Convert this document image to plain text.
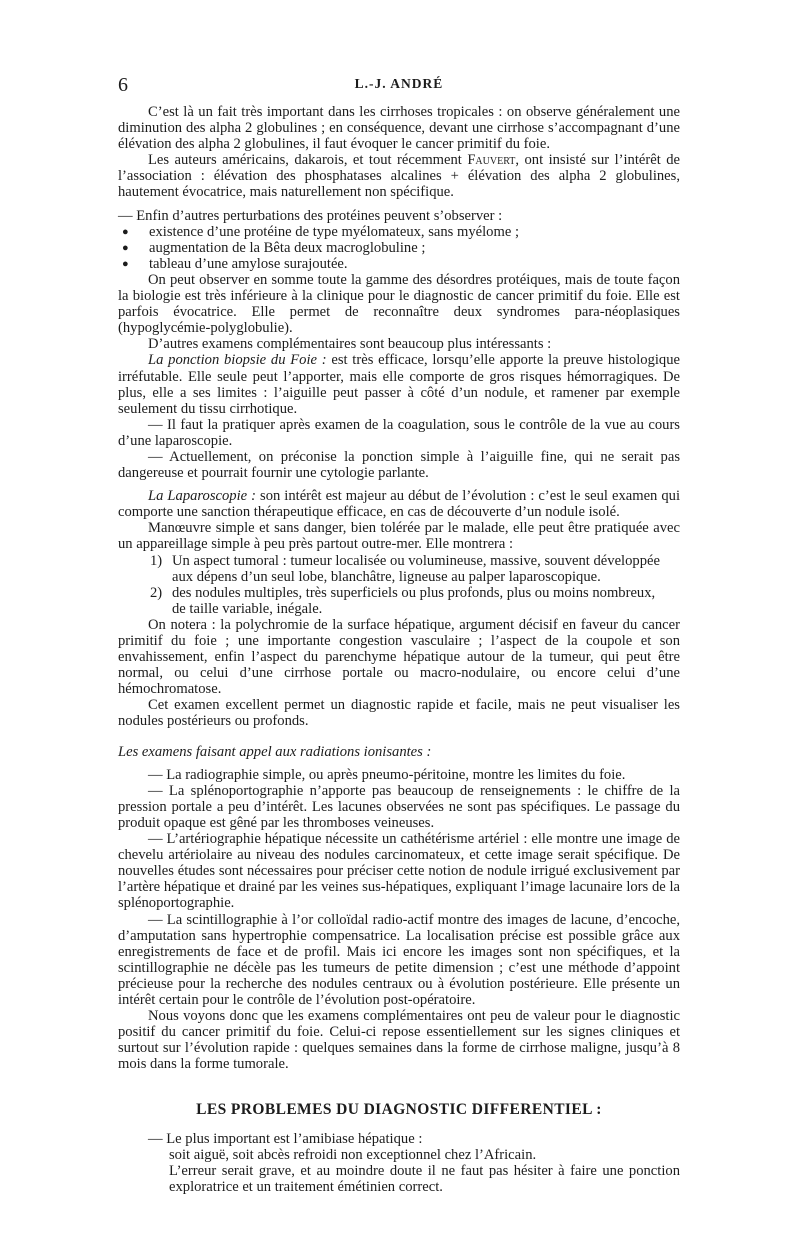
6	L.-J. ANDRÉ

C’est là un fait très important dans les cirrhoses tropicales : on observe généralement une diminution des alpha 2 globulines ; en conséquence, devant une cirrhose s’accompagnant d’une élévation des alpha 2 globulines, il faut évoquer le cancer primitif du foie.

Les auteurs américains, dakarois, et tout récemment Fauvert, ont insisté sur l’intérêt de l’association : élévation des phosphatases alcalines + élévation des alpha 2 globulines, hautement évocatrice, mais naturellement non spécifique.

— Enfin d’autres perturbations des protéines peuvent s’observer :

● existence d’une protéine de type myélomateux, sans myélome ;

● augmentation de la Bêta deux macroglobuline ;

● tableau d’une amylose surajoutée.

On peut observer en somme toute la gamme des désordres protéiques, mais de toute façon la biologie est très inférieure à la clinique pour le diagnostic de cancer primitif du foie. Elle est parfois évocatrice. Elle permet de reconnaître deux syndromes para-néoplasiques (hypoglycémie-polyglobulie).

D’autres examens complémentaires sont beaucoup plus intéressants :

La ponction biopsie du Foie : est très efficace, lorsqu’elle apporte la preuve histologique irréfutable. Elle seule peut l’apporter, mais elle comporte de gros risques hémorragiques. De plus, elle a ses limites : l’aiguille peut passer à côté d’un nodule, et ramener par exemple seulement du tissu cirrhotique.

— Il faut la pratiquer après examen de la coagulation, sous le contrôle de la vue au cours d’une laparoscopie.

— Actuellement, on préconise la ponction simple à l’aiguille fine, qui ne serait pas dangereuse et pourrait fournir une cytologie parlante.

La Laparoscopie : son intérêt est majeur au début de l’évolution : c’est le seul examen qui comporte une sanction thérapeutique efficace, en cas de découverte d’un nodule isolé.

Manœuvre simple et sans danger, bien tolérée par le malade, elle peut être pratiquée avec un appareillage simple à peu près partout outre-mer. Elle montrera :

1) Un aspect tumoral : tumeur localisée ou volumineuse, massive, souvent développée
aux dépens d’un seul lobe, blanchâtre, ligneuse au palper laparoscopique.

2) des nodules multiples, très superficiels ou plus profonds, plus ou moins nombreux,
de taille variable, inégale.

On notera : la polychromie de la surface hépatique, argument décisif en faveur du cancer primitif du foie ; une importante congestion vasculaire ; l’aspect de la coupole et son envahissement, enfin l’aspect du parenchyme hépatique autour de la tumeur, qui peut être normal, ou celui d’une cirrhose portale ou macro-nodulaire, ou encore celui d’une hémochromatose.

Cet examen excellent permet un diagnostic rapide et facile, mais ne peut visualiser les nodules postérieurs ou profonds.

Les examens faisant appel aux radiations ionisantes :

— La radiographie simple, ou après pneumo-péritoine, montre les limites du foie.

— La splénoportographie n’apporte pas beaucoup de renseignements : le chiffre de la pression portale a peu d’intérêt. Les lacunes observées ne sont pas spécifiques. Le passage du produit opaque est gêné par les thromboses veineuses.

— L’artériographie hépatique nécessite un cathétérisme artériel : elle montre une image de chevelu artériolaire au niveau des nodules carcinomateux, et cette image serait spécifique. De nouvelles études sont nécessaires pour préciser cette notion de nodule irrigué exclusivement par l’artère hépatique et drainé par les veines sus-hépatiques, expliquant l’image lacunaire lors de la splénoportographie.

— La scintillographie à l’or colloïdal radio-actif montre des images de lacune, d’encoche, d’amputation sans hypertrophie compensatrice. La localisation précise est possible grâce aux enregistrements de face et de profil. Mais ici encore les images sont non spécifiques, et la scintillographie ne décèle pas les tumeurs de petite dimension ; c’est une méthode d’appoint précieuse pour la recherche des nodules centraux ou à évolution postérieure. Elle présente un intérêt certain pour le contrôle de l’évolution post-opératoire.

Nous voyons donc que les examens complémentaires ont peu de valeur pour le diagnostic positif du cancer primitif du foie. Celui-ci repose essentiellement sur les signes cliniques et surtout sur l’évolution rapide : quelques semaines dans la forme de cirrhose maligne, jusqu’à 8 mois dans la forme tumorale.

LES PROBLEMES DU DIAGNOSTIC DIFFERENTIEL :

— Le plus important est l’amibiase hépatique :

soit aiguë, soit abcès refroidi non exceptionnel chez l’Africain.

L’erreur serait grave, et au moindre doute il ne faut pas hésiter à faire une ponction exploratrice et un traitement émétinien correct.
